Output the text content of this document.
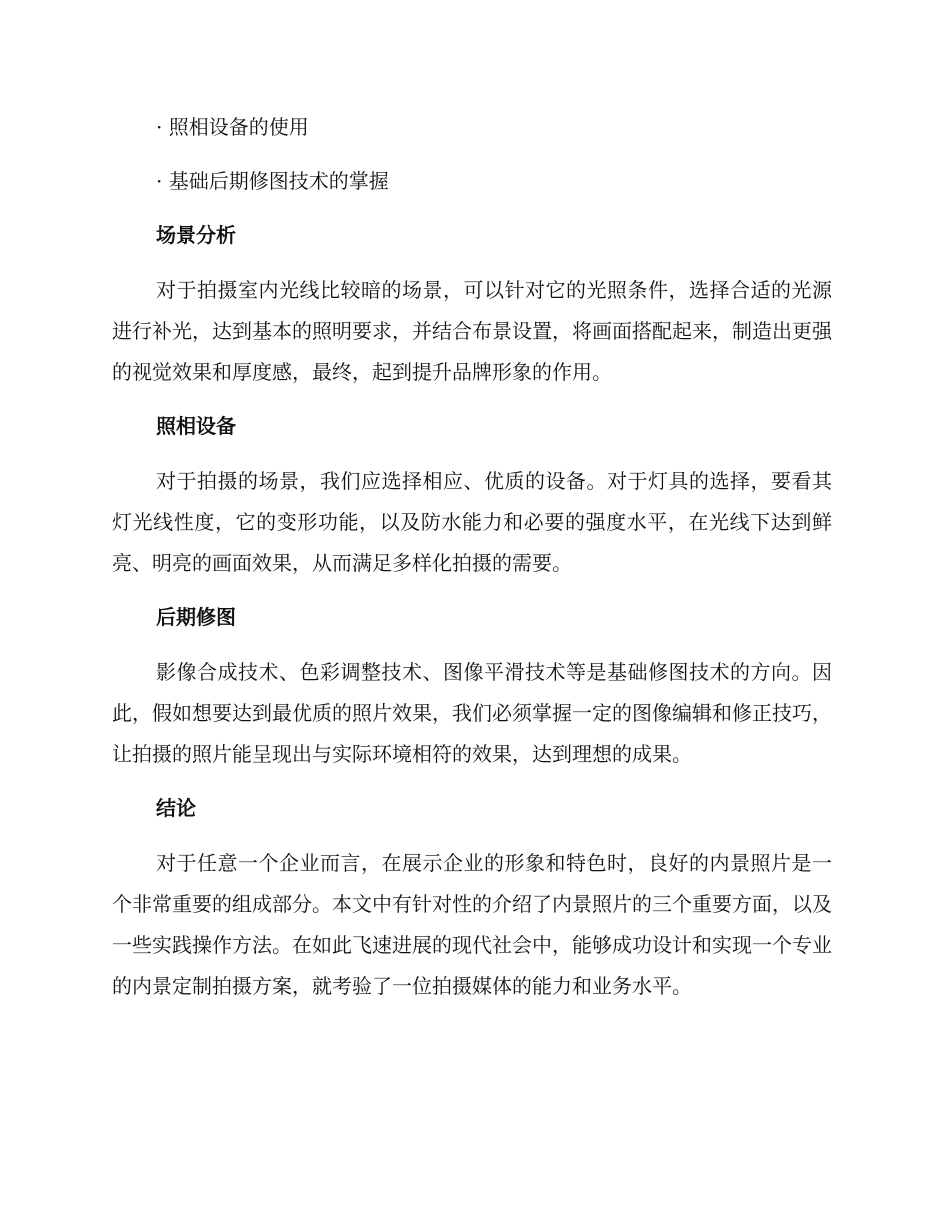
· 照相设备的使用
· 基础后期修图技术的掌握
场景分析

对于拍摄室内光线比较暗的场景，可以针对它的光照条件，选择合适的光源进行补光，达到基本的照明要求，并结合布景设置，将画面搭配起来，制造出更强的视觉效果和厚度感，最终，起到提升品牌形象的作用。

照相设备

对于拍摄的场景，我们应选择相应、优质的设备。对于灯具的选择，要看其灯光线性度，它的变形功能，以及防水能力和必要的强度水平，在光线下达到鲜亮、明亮的画面效果，从而满足多样化拍摄的需要。

后期修图

影像合成技术、色彩调整技术、图像平滑技术等是基础修图技术的方向。因此，假如想要达到最优质的照片效果，我们必须掌握一定的图像编辑和修正技巧，让拍摄的照片能呈现出与实际环境相符的效果，达到理想的成果。

结论

对于任意一个企业而言，在展示企业的形象和特色时，良好的内景照片是一个非常重要的组成部分。本文中有针对性的介绍了内景照片的三个重要方面，以及一些实践操作方法。在如此飞速进展的现代社会中，能够成功设计和实现一个专业的内景定制拍摄方案，就考验了一位拍摄媒体的能力和业务水平。
